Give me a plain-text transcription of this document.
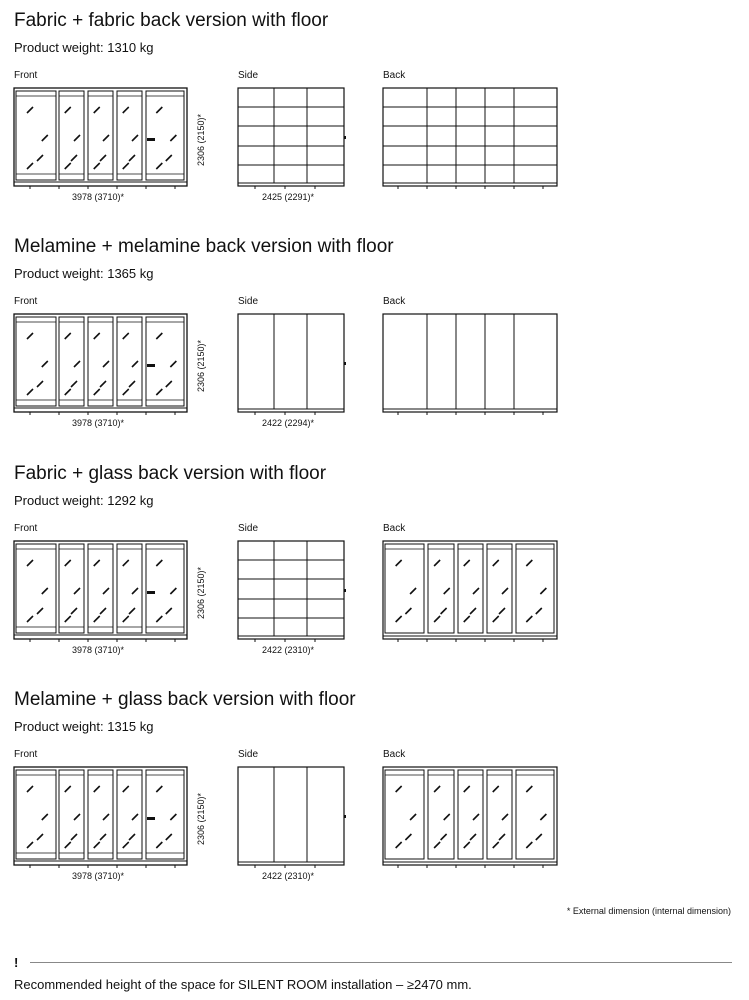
Fabric + fabric back version with floor
Product weight: 1310 kg
Front	Side	Back
3978 (3710)*
2306 (2150)*
2425 (2291)*
Melamine + melamine back version with floor
Product weight: 1365 kg
Front	Side	Back
3978 (3710)*
2306 (2150)*
2422 (2294)*
Fabric + glass back version with floor
Product weight: 1292 kg
Front	Side	Back
3978 (3710)*
2306 (2150)*
2422 (2310)*
Melamine + glass back version with floor
Product weight: 1315 kg
Front	Side	Back
3978 (3710)*
2306 (2150)*
2422 (2310)*
* External dimension (internal dimension)
!
Recommended height of the space for SILENT ROOM installation – ≥2470 mm.
